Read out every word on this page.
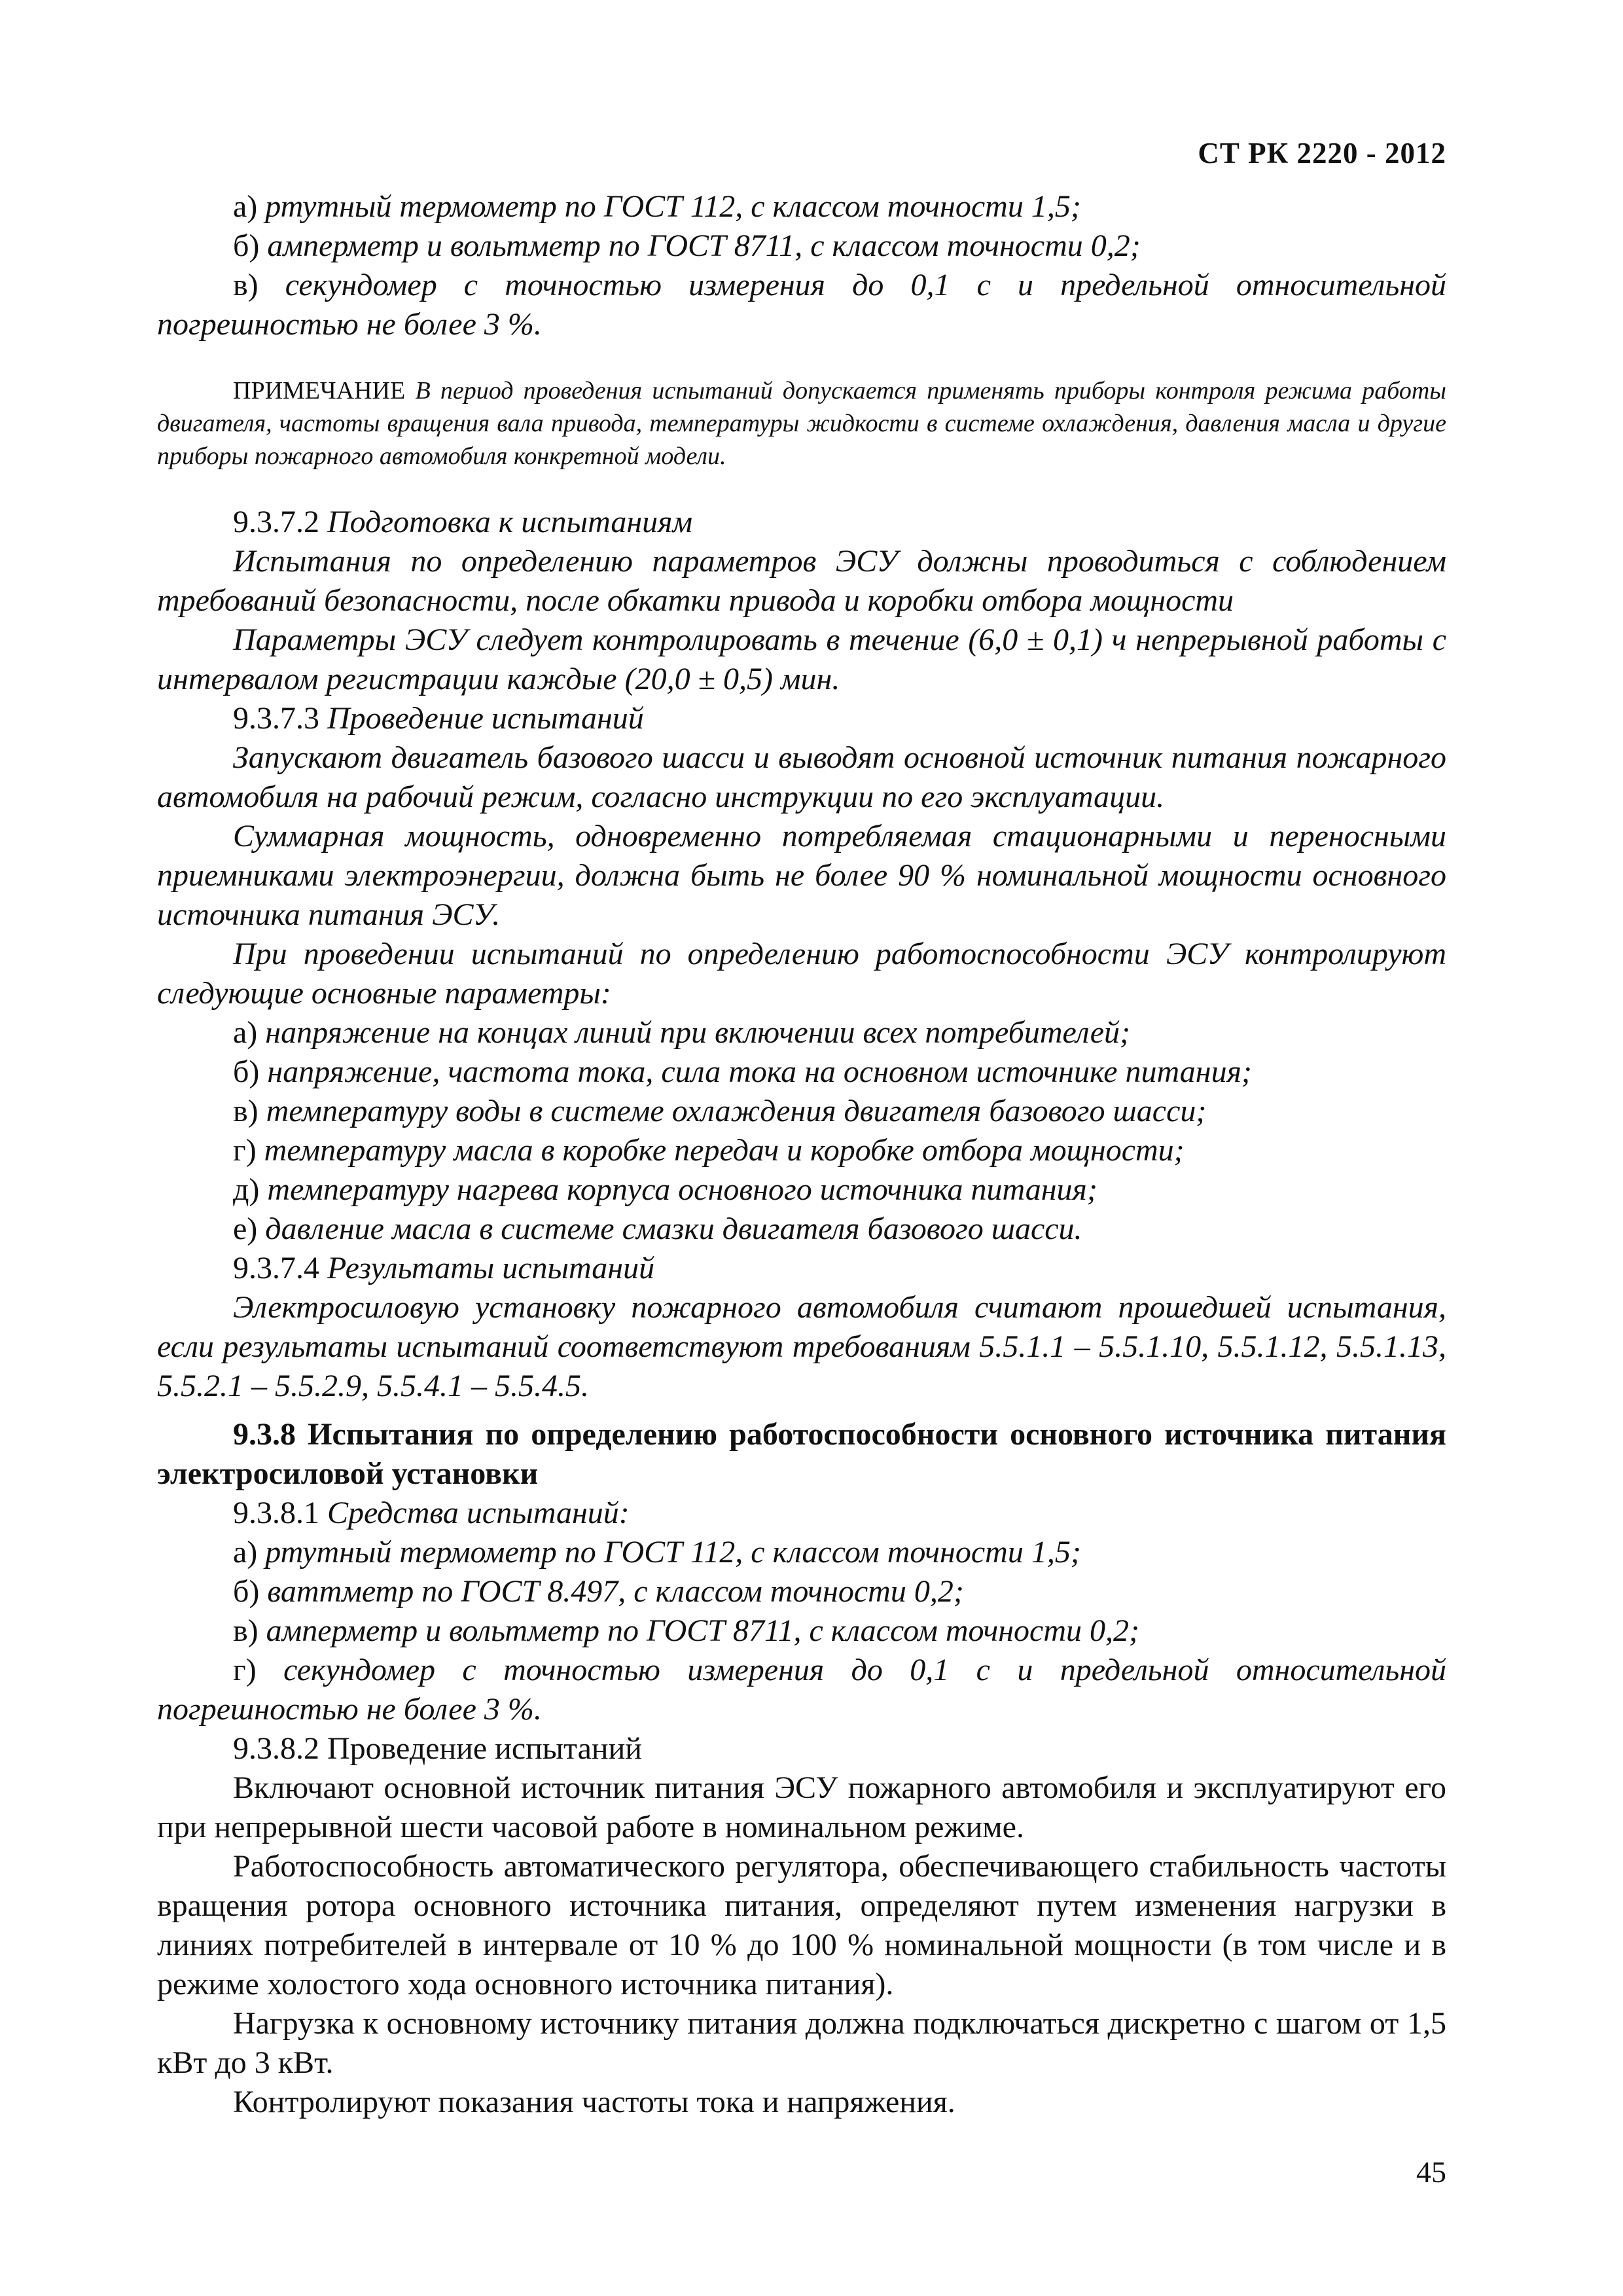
СТ РК 2220 - 2012

а) ртутный термометр по ГОСТ 112, с классом точности 1,5;

б) амперметр и вольтметр по ГОСТ 8711, с классом точности 0,2;

в) секундомер с точностью измерения до 0,1 с и предельной относительной погрешностью не более 3 %.

ПРИМЕЧАНИЕ В период проведения испытаний допускается применять приборы контроля режима работы двигателя, частоты вращения вала привода, температуры жидкости в системе охлаждения, давления масла и другие приборы пожарного автомобиля конкретной модели.

9.3.7.2 Подготовка к испытаниям

Испытания по определению параметров ЭСУ должны проводиться с соблюдением требований безопасности, после обкатки привода и коробки отбора мощности

Параметры ЭСУ следует контролировать в течение (6,0 ± 0,1) ч непрерывной работы с интервалом регистрации каждые (20,0 ± 0,5) мин.

9.3.7.3 Проведение испытаний

Запускают двигатель базового шасси и выводят основной источник питания пожарного автомобиля на рабочий режим, согласно инструкции по его эксплуатации.

Суммарная мощность, одновременно потребляемая стационарными и переносными приемниками электроэнергии, должна быть не более 90 % номинальной мощности основного источника питания ЭСУ.

При проведении испытаний по определению работоспособности ЭСУ контролируют следующие основные параметры:

а) напряжение на концах линий при включении всех потребителей;

б) напряжение, частота тока, сила тока на основном источнике питания;

в) температуру воды в системе охлаждения двигателя базового шасси;

г) температуру масла в коробке передач и коробке отбора мощности;

д) температуру нагрева корпуса основного источника питания;

е) давление масла в системе смазки двигателя базового шасси.

9.3.7.4 Результаты испытаний

Электросиловую установку пожарного автомобиля считают прошедшей испытания, если результаты испытаний соответствуют требованиям 5.5.1.1 – 5.5.1.10, 5.5.1.12, 5.5.1.13, 5.5.2.1 – 5.5.2.9, 5.5.4.1 – 5.5.4.5.

9.3.8 Испытания по определению работоспособности основного источника питания электросиловой установки

9.3.8.1 Средства испытаний:

а) ртутный термометр по ГОСТ 112, с классом точности 1,5;

б) ваттметр по ГОСТ 8.497, с классом точности 0,2;

в) амперметр и вольтметр по ГОСТ 8711, с классом точности 0,2;

г) секундомер с точностью измерения до 0,1 с и предельной относительной погрешностью не более 3 %.

9.3.8.2 Проведение испытаний

Включают основной источник питания ЭСУ пожарного автомобиля и эксплуатируют его при непрерывной шести часовой работе в номинальном режиме.

Работоспособность автоматического регулятора, обеспечивающего стабильность частоты вращения ротора основного источника питания, определяют путем изменения нагрузки в линиях потребителей в интервале от 10 % до 100 % номинальной мощности (в том числе и в режиме холостого хода основного источника питания).

Нагрузка к основному источнику питания должна подключаться дискретно с шагом от 1,5 кВт до 3 кВт.

Контролируют показания частоты тока и напряжения.

45
